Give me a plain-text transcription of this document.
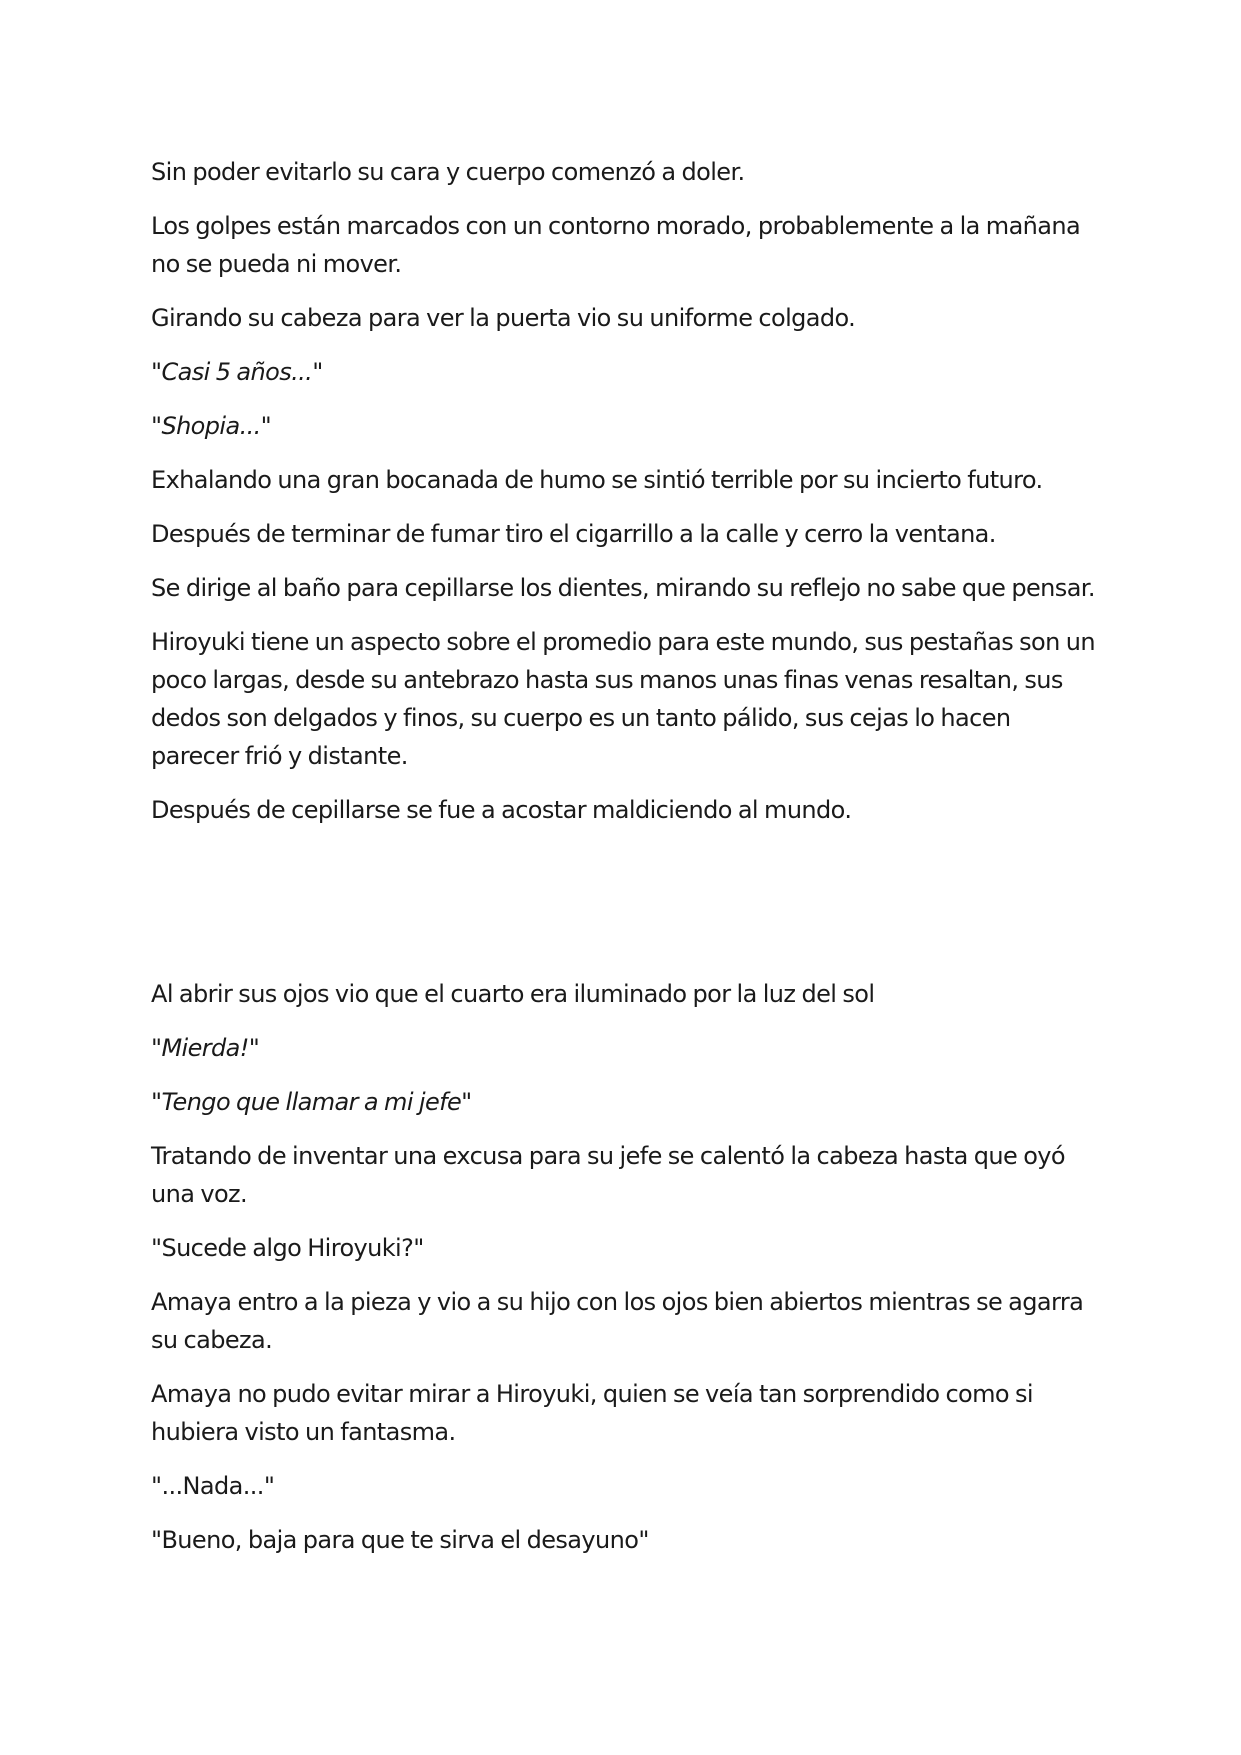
Sin poder evitarlo su cara y cuerpo comenzó a doler.

Los golpes están marcados con un contorno morado, probablemente a la mañana no se pueda ni mover.

Girando su cabeza para ver la puerta vio su uniforme colgado.

"Casi 5 años..."

"Shopia..."

Exhalando una gran bocanada de humo se sintió terrible por su incierto futuro.

Después de terminar de fumar tiro el cigarrillo a la calle y cerro la ventana.

Se dirige al baño para cepillarse los dientes, mirando su reflejo no sabe que pensar.

Hiroyuki tiene un aspecto sobre el promedio para este mundo, sus pestañas son un poco largas, desde su antebrazo hasta sus manos unas finas venas resaltan, sus dedos son delgados y finos, su cuerpo es un tanto pálido, sus cejas lo hacen parecer frió y distante.

Después de cepillarse se fue a acostar maldiciendo al mundo.

Al abrir sus ojos vio que el cuarto era iluminado por la luz del sol

"Mierda!"

"Tengo que llamar a mi jefe"

Tratando de inventar una excusa para su jefe se calentó la cabeza hasta que oyó una voz.

"Sucede algo Hiroyuki?"

Amaya entro a la pieza y vio a su hijo con los ojos bien abiertos mientras se agarra su cabeza.

Amaya no pudo evitar mirar a Hiroyuki, quien se veía tan sorprendido como si hubiera visto un fantasma.

"...Nada..."

"Bueno, baja para que te sirva el desayuno"
